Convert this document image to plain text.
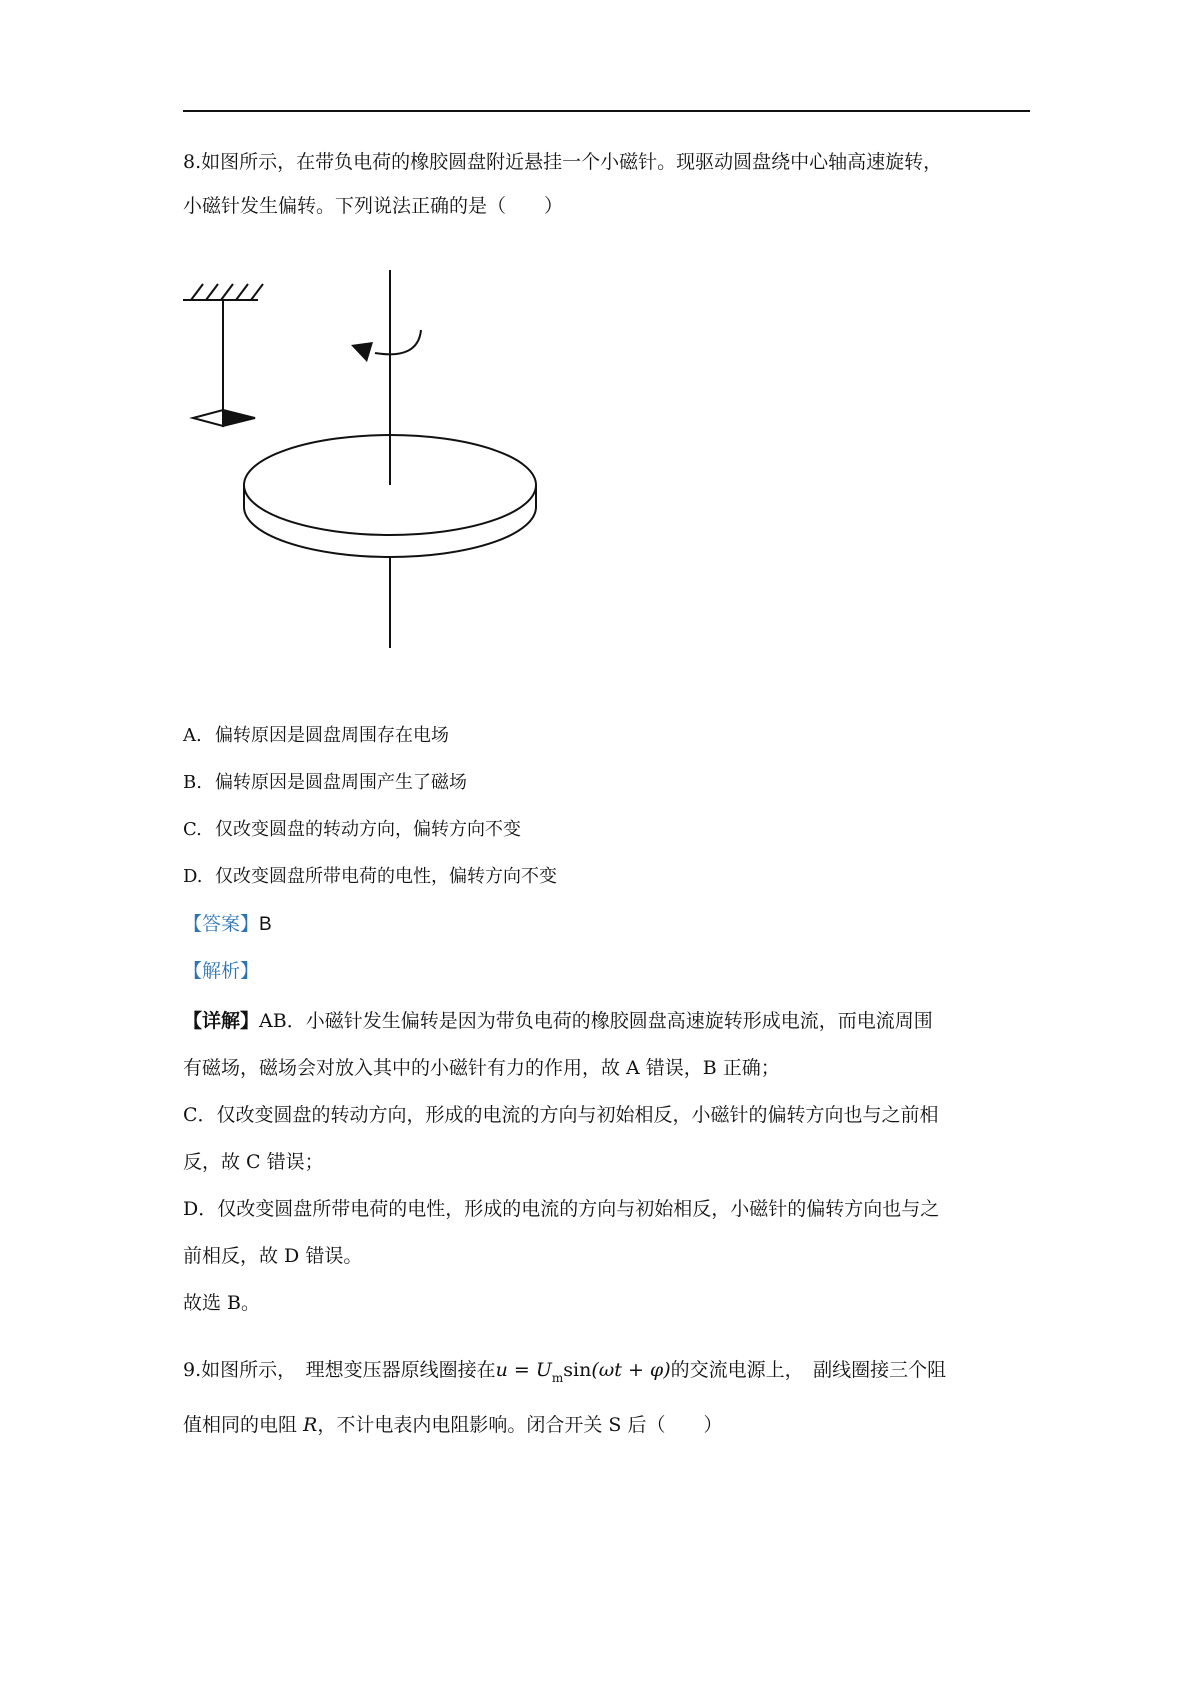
8.如图所示，在带负电荷的橡胶圆盘附近悬挂一个小磁针。现驱动圆盘绕中心轴高速旋转，
小磁针发生偏转。下列说法正确的是（　　）
A. 偏转原因是圆盘周围存在电场
B. 偏转原因是圆盘周围产生了磁场
C. 仅改变圆盘的转动方向，偏转方向不变
D. 仅改变圆盘所带电荷的电性，偏转方向不变
【答案】B
【解析】
【详解】AB．小磁针发生偏转是因为带负电荷的橡胶圆盘高速旋转形成电流，而电流周围
有磁场，磁场会对放入其中的小磁针有力的作用，故 A 错误，B 正确；
C．仅改变圆盘的转动方向，形成的电流的方向与初始相反，小磁针的偏转方向也与之前相
反，故 C 错误；
D．仅改变圆盘所带电荷的电性，形成的电流的方向与初始相反，小磁针的偏转方向也与之
前相反，故 D 错误。
故选 B。
9.如图所示，　理想变压器原线圈接在$u = U_m\sin(\omega t + \varphi)$的交流电源上，　副线圈接三个阻
值相同的电阻 R，不计电表内电阻影响。闭合开关 S 后（　　）
